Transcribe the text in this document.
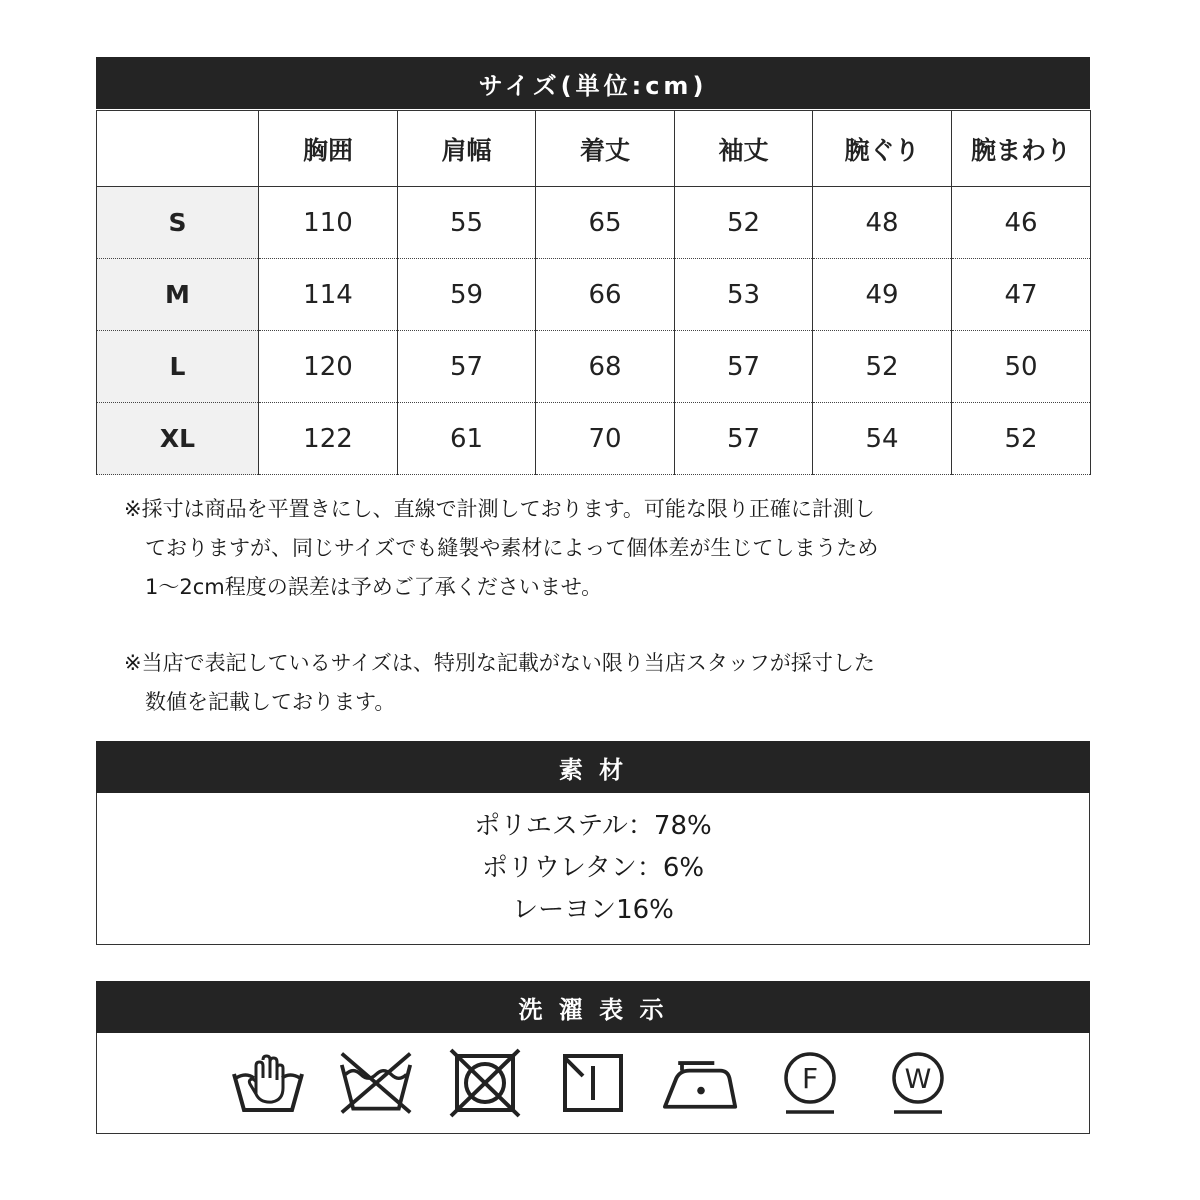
サイズ(単位:cm)
	胸囲	肩幅	着丈	袖丈	腕ぐり	腕まわり
S	110	55	65	52	48	46
M	114	59	66	53	49	47
L	120	57	68	57	52	50
XL	122	61	70	57	54	52

※採寸は商品を平置きにし、直線で計測しております。可能な限り正確に計測し

　ておりますが、同じサイズでも縫製や素材によって個体差が生じてしまうため

　1～2cm程度の誤差は予めご了承くださいませ。

※当店で表記しているサイズは、特別な記載がない限り当店スタッフが採寸した

　数値を記載しております。

素 材
ポリエステル：78%
ポリウレタン：6%
レーヨン16%
洗 濯 表 示
F	W
